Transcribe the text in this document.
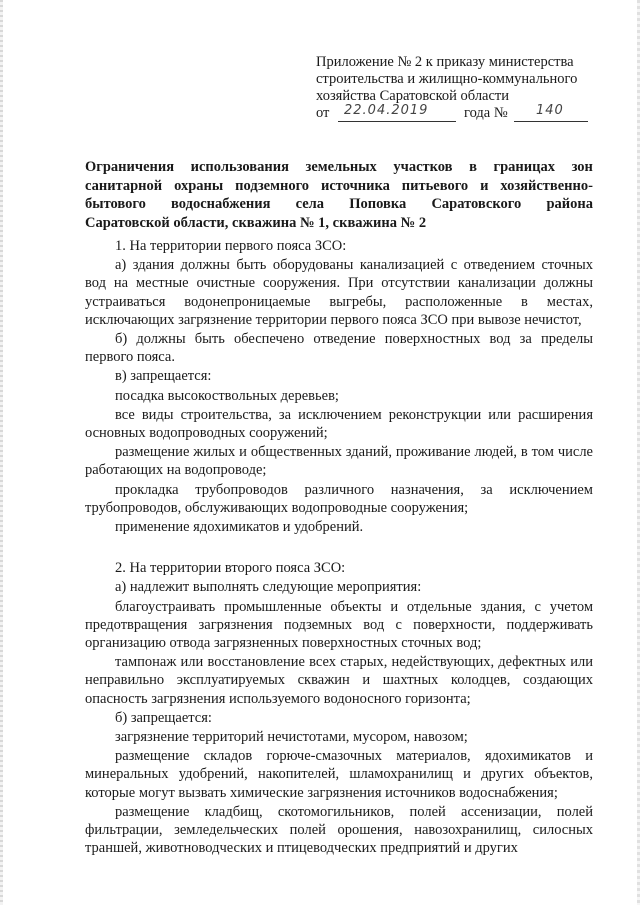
Приложение № 2 к приказу министерства
строительства и жилищно-коммунального
хозяйства Саратовской области
от 22.04.2019 года № 140
Ограничения использования земельных участков в границах зон
санитарной охраны подземного источника питьевого и хозяйственно-
бытового водоснабжения села Поповка Саратовского района
Саратовской области, скважина № 1, скважина № 2
1. На территории первого пояса ЗСО:
а) здания должны быть оборудованы канализацией с отведением сточных вод на местные очистные сооружения. При отсутствии канализации должны устраиваться водонепроницаемые выгребы, расположенные в местах, исключающих загрязнение территории первого пояса ЗСО при вывозе нечистот,
б) должны быть обеспечено отведение поверхностных вод за пределы первого пояса.
в) запрещается:
посадка высокоствольных деревьев;
все виды строительства, за исключением реконструкции или расширения основных водопроводных сооружений;
размещение жилых и общественных зданий, проживание людей, в том числе работающих на водопроводе;
прокладка трубопроводов различного назначения, за исключением трубопроводов, обслуживающих водопроводные сооружения;
применение ядохимикатов и удобрений.
2. На территории второго пояса ЗСО:
а) надлежит выполнять следующие мероприятия:
благоустраивать промышленные объекты и отдельные здания, с учетом предотвращения загрязнения подземных вод с поверхности, поддерживать организацию отвода загрязненных поверхностных сточных вод;
тампонаж или восстановление всех старых, недействующих, дефектных или неправильно эксплуатируемых скважин и шахтных колодцев, создающих опасность загрязнения используемого водоносного горизонта;
б) запрещается:
загрязнение территорий нечистотами, мусором, навозом;
размещение складов горюче-смазочных материалов, ядохимикатов и минеральных удобрений, накопителей, шламохранилищ и других объектов, которые могут вызвать химические загрязнения источников водоснабжения;
размещение кладбищ, скотомогильников, полей ассенизации, полей фильтрации, земледельческих полей орошения, навозохранилищ, силосных траншей, животноводческих и птицеводческих предприятий и других
